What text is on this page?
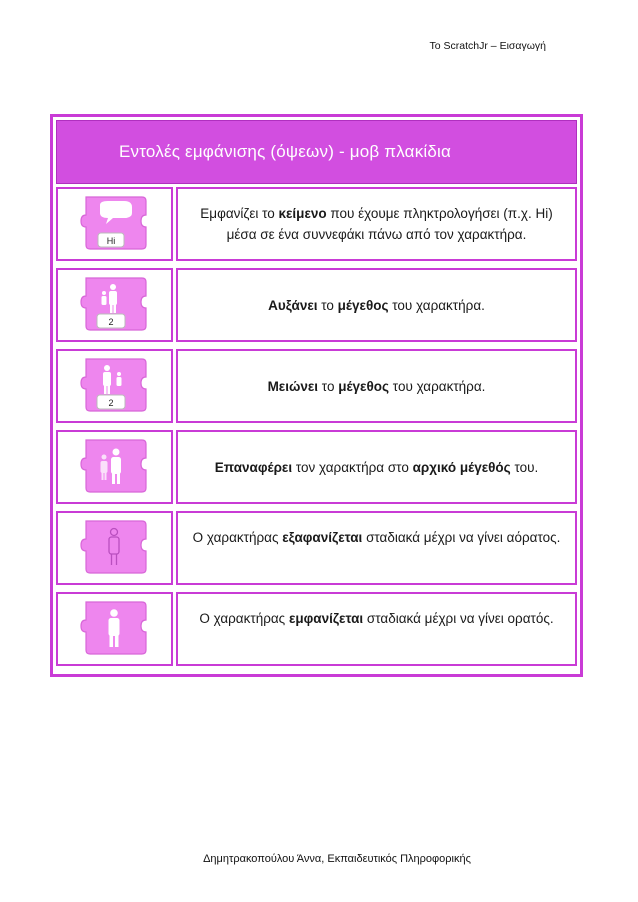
Το ScratchJr – Εισαγωγή
Εντολές εμφάνισης (όψεων) - μοβ πλακίδια
Hi
Εμφανίζει το κείμενο που έχουμε πληκτρολογήσει (π.χ. Hi) μέσα σε ένα συννεφάκι πάνω από τον χαρακτήρα.
2
Αυξάνει το μέγεθος του χαρακτήρα.
2
Μειώνει το μέγεθος του χαρακτήρα.
Επαναφέρει τον χαρακτήρα στο αρχικό μέγεθός του.
Ο χαρακτήρας εξαφανίζεται σταδιακά μέχρι να γίνει αόρατος.
Ο χαρακτήρας εμφανίζεται σταδιακά μέχρι να γίνει ορατός.
Δημητρακοπούλου Άννα, Εκπαιδευτικός Πληροφορικής
